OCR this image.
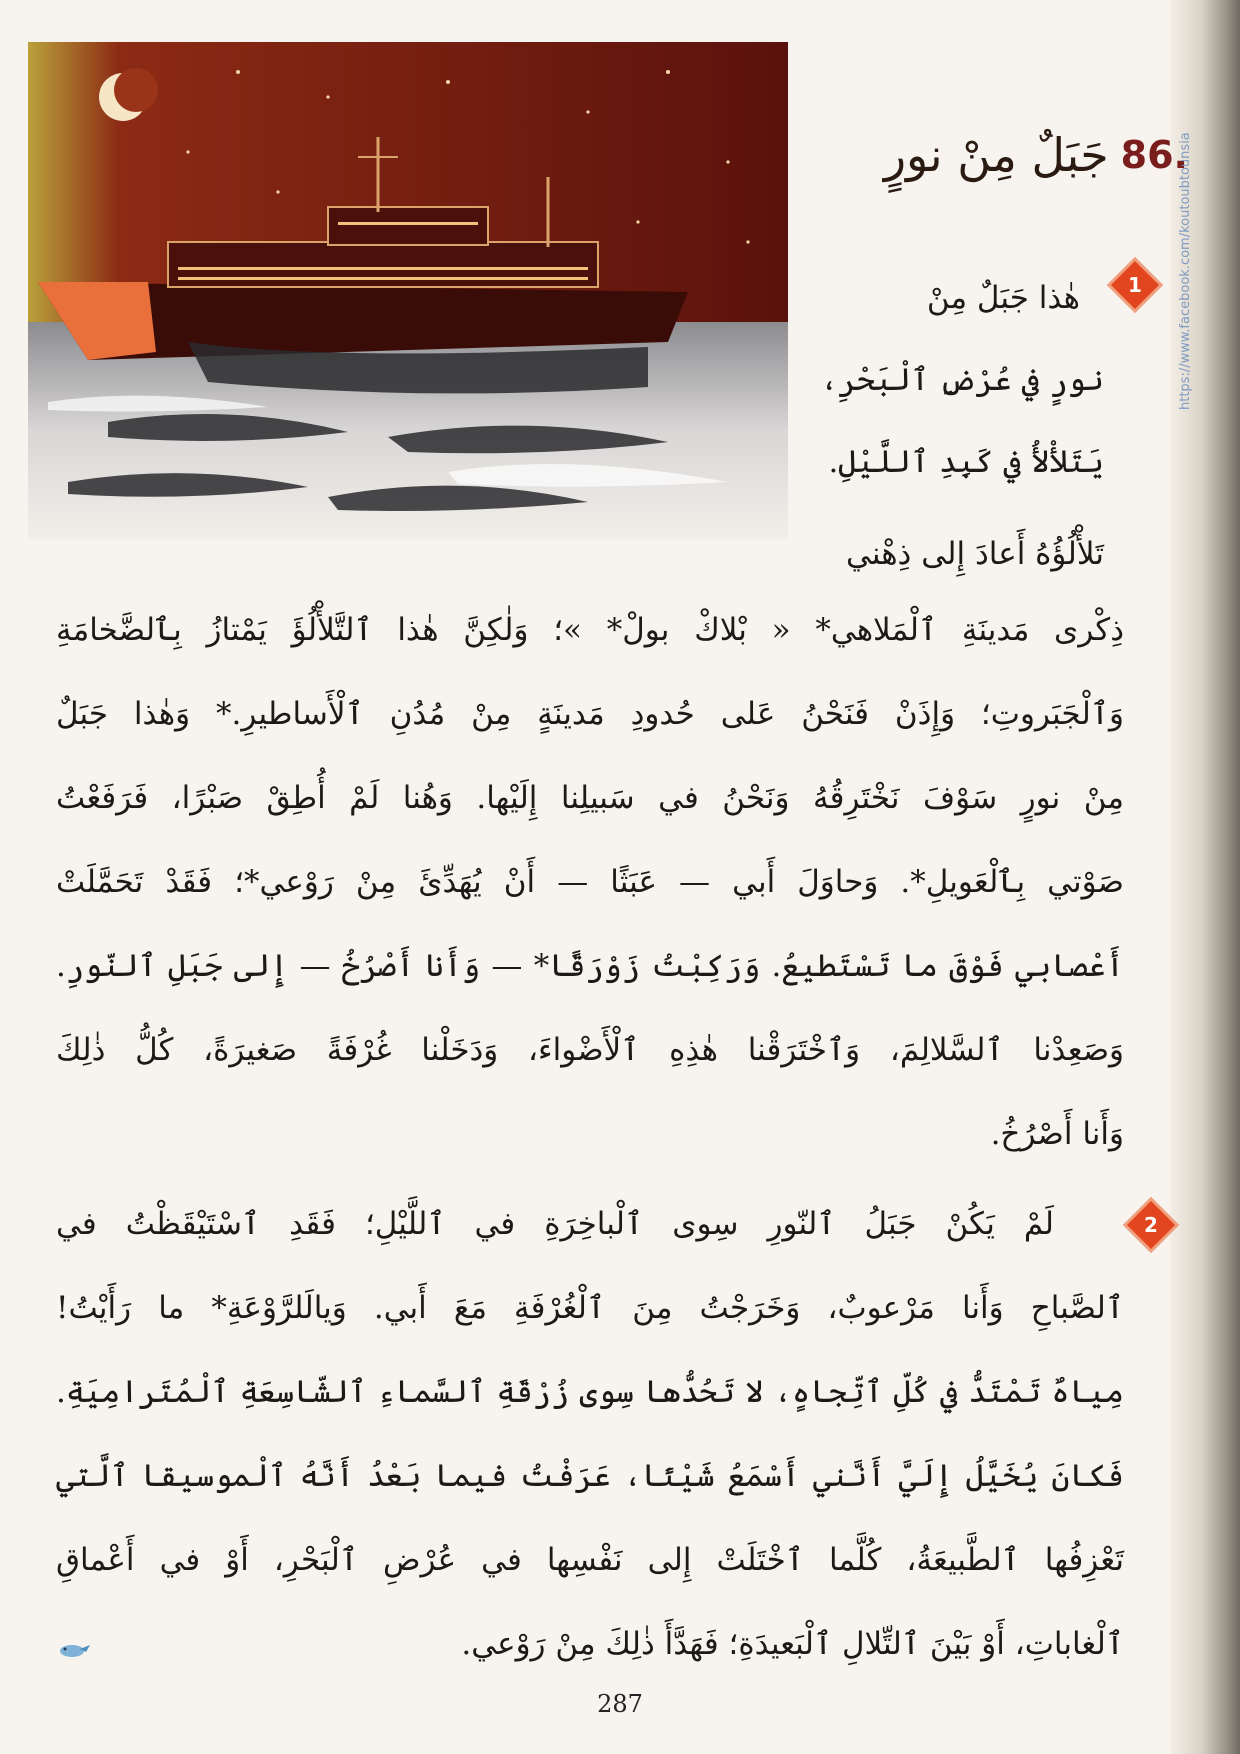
86.
جَبَلٌ مِنْ نورٍ
1
هٰذا جَبَلٌ مِنْ
نورٍ في عُرْضِ ٱلْبَحْرِ،
يَتَلأْلأُ في كَبِدِ ٱللَّيْلِ.
تَلأْلُؤُهُ أَعادَ إِلى ذِهْني
ذِكْرى مَدينَةِ ٱلْمَلاهي* « بْلاكْ بولْ* »؛ وَلٰكِنَّ هٰذا ٱلتَّلأْلُؤَ يَمْتازُ بِٱلضَّخامَةِ
وَٱلْجَبَروتِ؛ وَإِذَنْ فَنَحْنُ عَلى حُدودِ مَدينَةٍ مِنْ مُدُنِ ٱلْأَساطيرِ.* وَهٰذا جَبَلٌ
مِنْ نورٍ سَوْفَ نَخْتَرِقُهُ وَنَحْنُ في سَبيلِنا إِلَيْها. وَهُنا لَمْ أُطِقْ صَبْرًا، فَرَفَعْتُ
صَوْتي بِٱلْعَويلِ*. وَحاوَلَ أَبي — عَبَثًا — أَنْ يُهَدِّئَ مِنْ رَوْعي*؛ فَقَدْ تَحَمَّلَتْ
أَعْصابي فَوْقَ ما تَسْتَطيعُ. وَرَكِبْتُ زَوْرَقًا* — وَأَنا أَصْرُخُ — إِلى جَبَلِ ٱلنّورِ.
وَصَعِدْنا ٱلسَّلالِمَ، وَٱخْتَرَقْنا هٰذِهِ ٱلْأَضْواءَ، وَدَخَلْنا غُرْفَةً صَغيرَةً، كُلُّ ذٰلِكَ
وَأَنا أَصْرُخُ.
2
لَمْ يَكُنْ جَبَلُ ٱلنّورِ سِوى ٱلْباخِرَةِ في ٱللَّيْلِ؛ فَقَدِ ٱسْتَيْقَظْتُ في
ٱلصَّباحِ وَأَنا مَرْعوبٌ، وَخَرَجْتُ مِنَ ٱلْغُرْفَةِ مَعَ أَبي. وَيالَلرَّوْعَةِ* ما رَأَيْتُ!
مِياهٌ تَمْتَدُّ في كُلِّ ٱتِّجاهٍ، لا تَحُدُّها سِوى زُرْقَةِ ٱلسَّماءِ ٱلشّاسِعَةِ ٱلْمُتَرامِيَةِ.
فَكانَ يُخَيَّلُ إِلَيَّ أَنَّني أَسْمَعُ شَيْئًا، عَرَفْتُ فيما بَعْدُ أَنَّهُ ٱلْموسيقا ٱلَّتي
تَعْزِفُها ٱلطَّبيعَةُ، كُلَّما ٱخْتَلَتْ إِلى نَفْسِها في عُرْضِ ٱلْبَحْرِ، أَوْ في أَعْماقِ
ٱلْغاباتِ، أَوْ بَيْنَ ٱلتِّلالِ ٱلْبَعيدَةِ؛ فَهَدَّأَ ذٰلِكَ مِنْ رَوْعي.
https://www.facebook.com/koutoubtounsia
287
